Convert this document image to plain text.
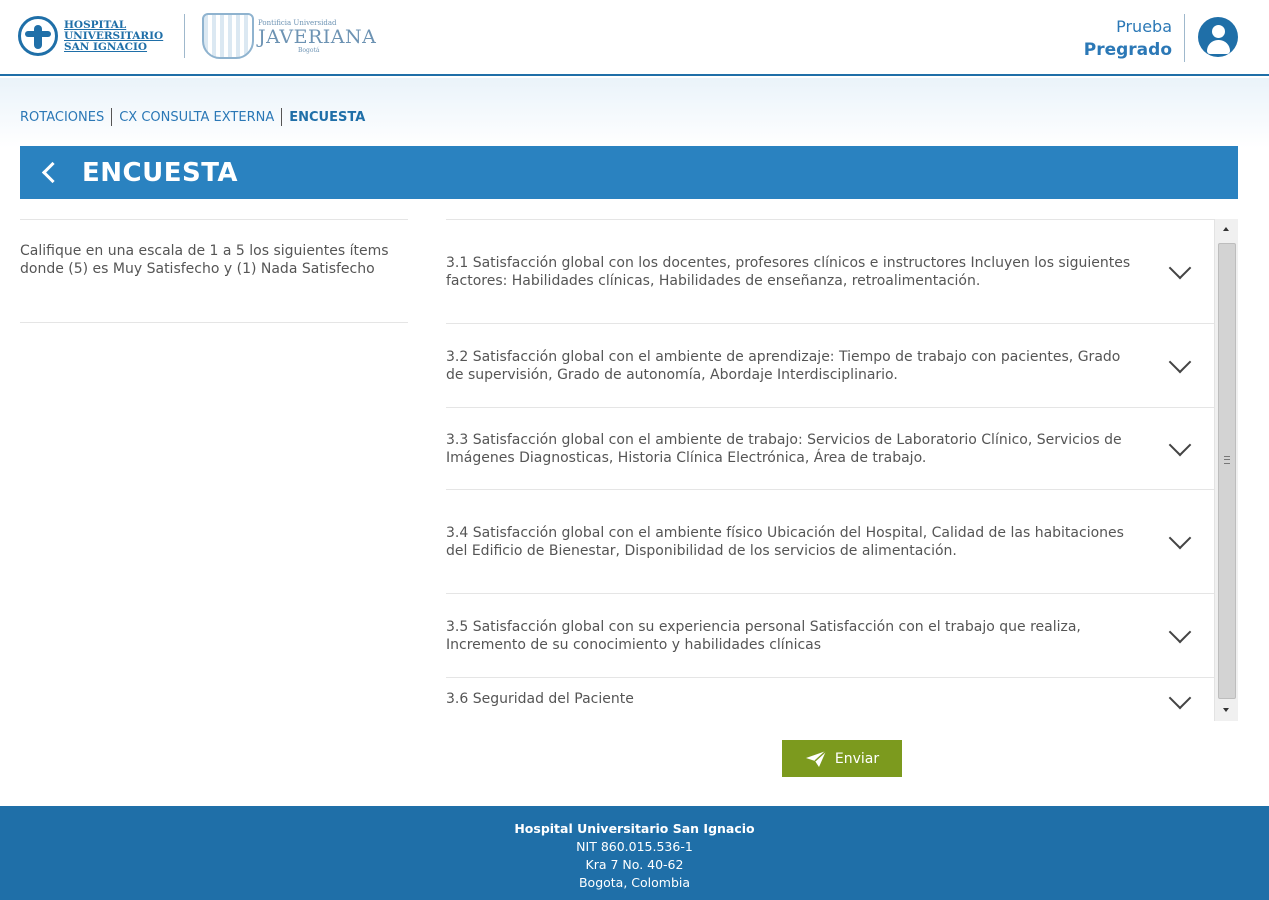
HOSPITAL
UNIVERSITARIO
SAN IGNACIO
Pontificia Universidad
JAVERIANA
Bogotá
Prueba
Pregrado
ROTACIONES CX CONSULTA EXTERNA ENCUESTA
ENCUESTA
Califique en una escala de 1 a 5 los siguientes ítems donde (5) es Muy Satisfecho y (1) Nada Satisfecho	3.1 Satisfacción global con los docentes, profesores clínicos e instructores Incluyen los siguientes factores: Habilidades clínicas, Habilidades de enseñanza, retroalimentación.
3.2 Satisfacción global con el ambiente de aprendizaje: Tiempo de trabajo con pacientes, Grado de supervisión, Grado de autonomía, Abordaje Interdisciplinario.
3.3 Satisfacción global con el ambiente de trabajo: Servicios de Laboratorio Clínico, Servicios de Imágenes Diagnosticas, Historia Clínica Electrónica, Área de trabajo.
3.4 Satisfacción global con el ambiente físico Ubicación del Hospital, Calidad de las habitaciones del Edificio de Bienestar, Disponibilidad de los servicios de alimentación.
3.5 Satisfacción global con su experiencia personal Satisfacción con el trabajo que realiza, Incremento de su conocimiento y habilidades clínicas
3.6 Seguridad del Paciente
Enviar
Hospital Universitario San Ignacio
NIT 860.015.536-1
Kra 7 No. 40-62
Bogota, Colombia
